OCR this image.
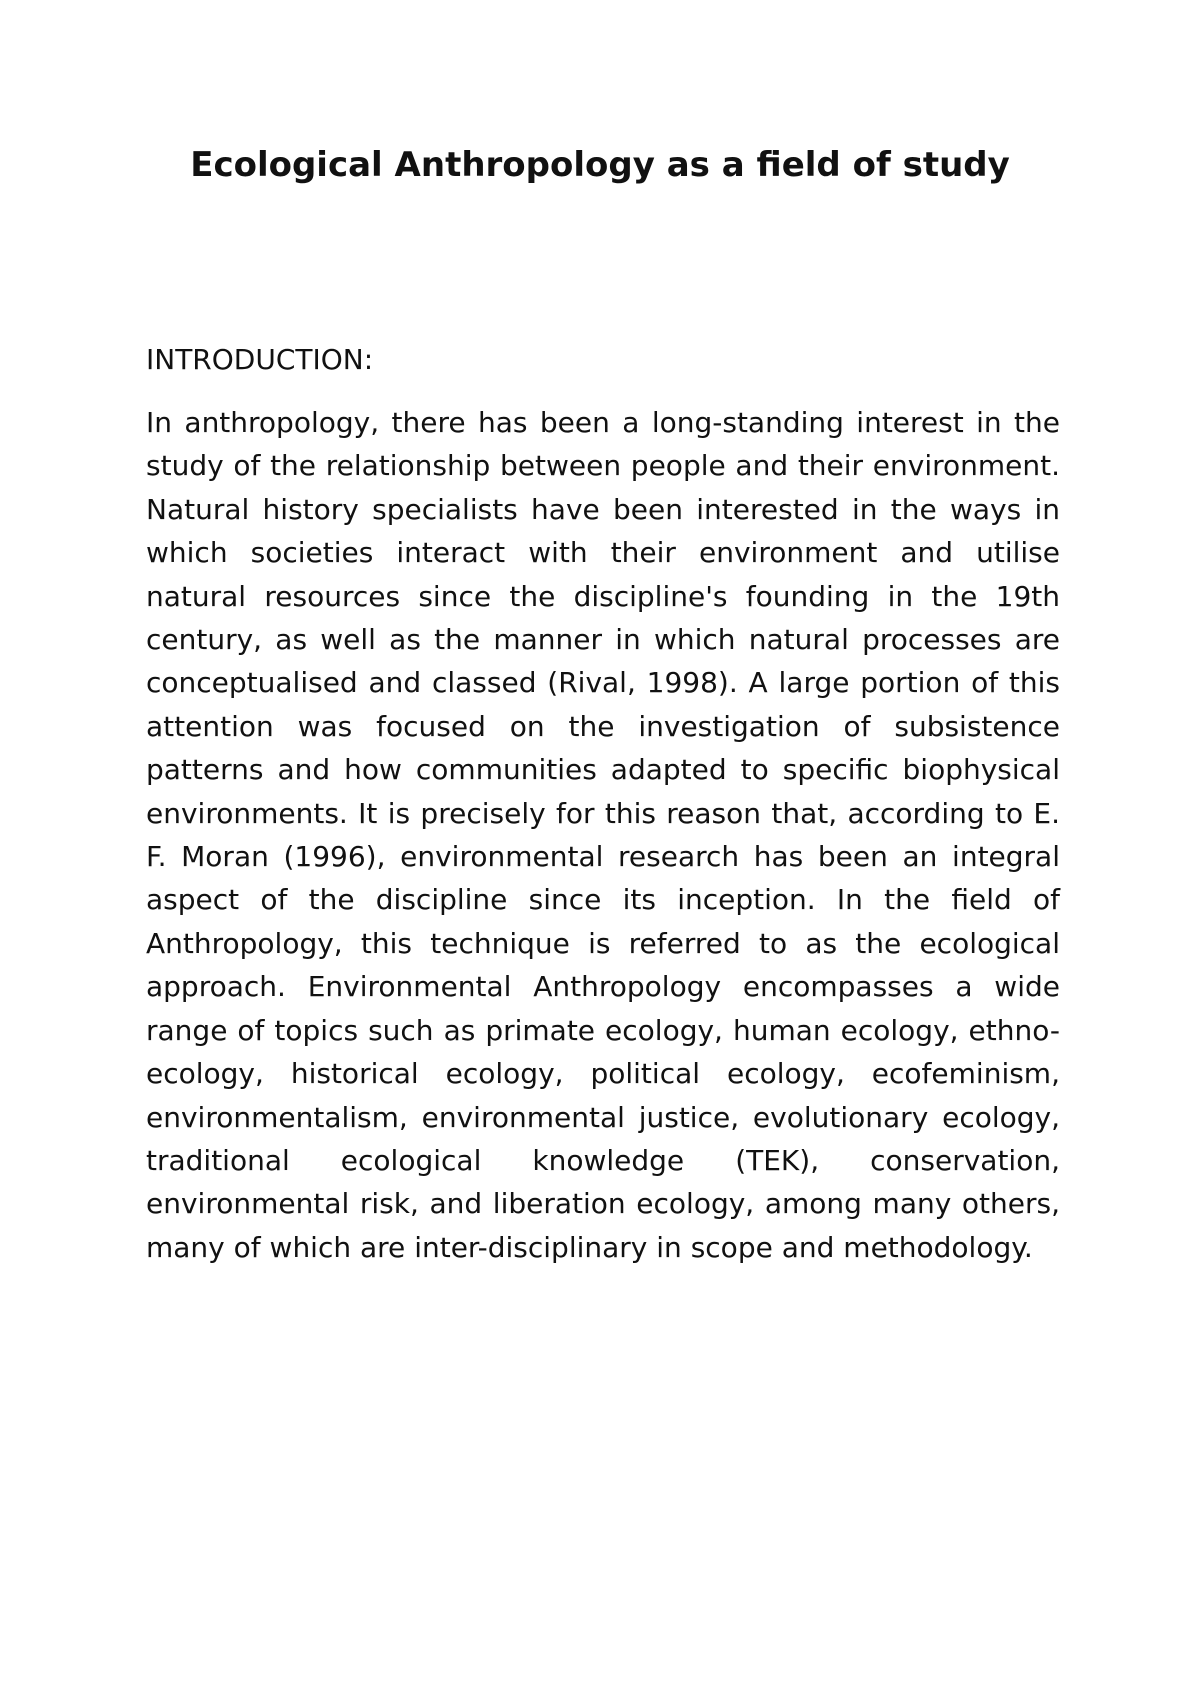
Ecological Anthropology as a field of study

INTRODUCTION:

In anthropology, there has been a long-standing interest in the study of the relationship between people and their environment. Natural history specialists have been interested in the ways in which societies interact with their environment and utilise natural resources since the discipline's founding in the 19th century, as well as the manner in which natural processes are conceptualised and classed (Rival, 1998). A large portion of this attention was focused on the investigation of subsistence patterns and how communities adapted to specific biophysical environments. It is precisely for this reason that, according to E. F. Moran (1996), environmental research has been an integral aspect of the discipline since its inception. In the field of Anthropology, this technique is referred to as the ecological approach. Environmental Anthropology encompasses a wide range of topics such as primate ecology, human ecology, ethno-ecology, historical ecology, political ecology, ecofeminism, environmentalism, environmental justice, evolutionary ecology, traditional ecological knowledge (TEK), conservation, environmental risk, and liberation ecology, among many others, many of which are inter-disciplinary in scope and methodology.
